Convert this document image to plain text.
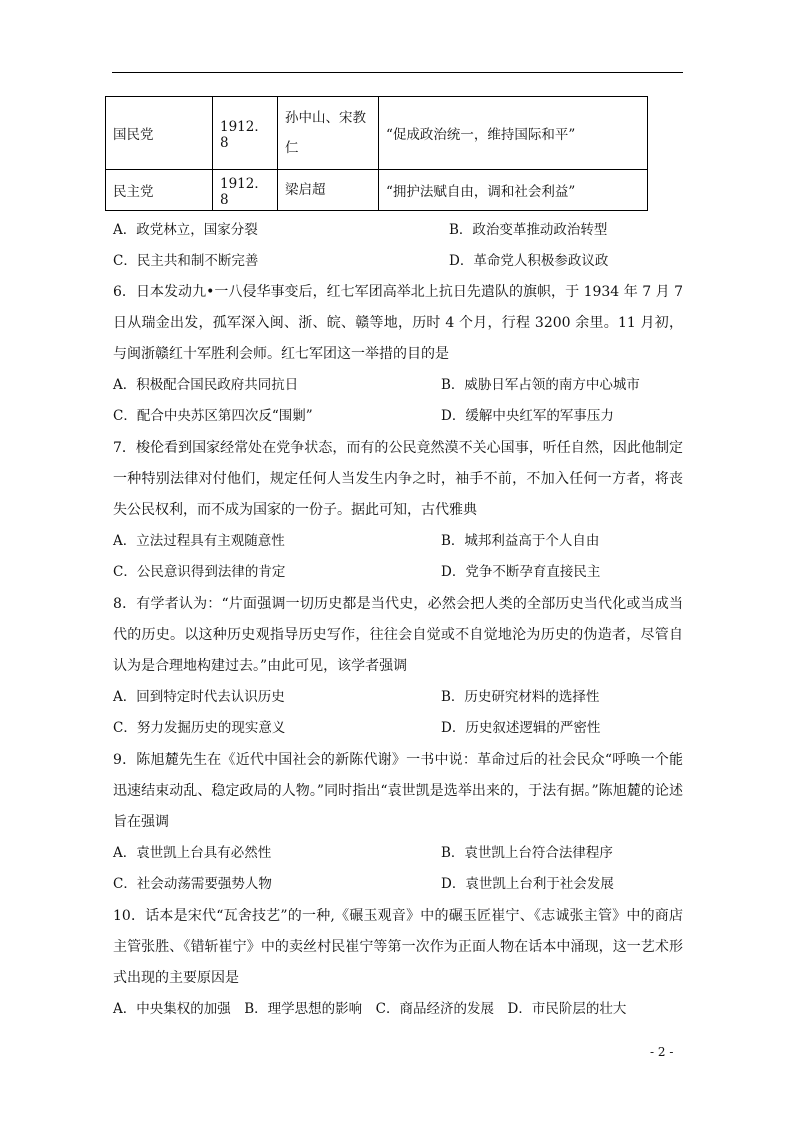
国民党	1912．8	孙中山、宋教仁	“促成政治统一，维持国际和平”
民主党	1912．8	梁启超	“拥护法赋自由，调和社会利益”
A．政党林立，国家分裂	B．政治变革推动政治转型
C．民主共和制不断完善	D．革命党人积极参政议政
6．日本发动九•一八侵华事变后，红七军团高举北上抗日先遣队的旗帜，于 1934 年 7 月 7 日从瑞金出发，孤军深入闽、浙、皖、赣等地，历时 4 个月，行程 3200 余里。11 月初，与闽浙赣红十军胜利会师。红七军团这一举措的目的是
A．积极配合国民政府共同抗日	B．威胁日军占领的南方中心城市
C．配合中央苏区第四次反“围剿”	D．缓解中央红军的军事压力
7．梭伦看到国家经常处在党争状态，而有的公民竟然漠不关心国事，听任自然，因此他制定一种特别法律对付他们，规定任何人当发生内争之时，袖手不前，不加入任何一方者，将丧失公民权利，而不成为国家的一份子。据此可知，古代雅典
A．立法过程具有主观随意性	B．城邦利益高于个人自由
C．公民意识得到法律的肯定	D．党争不断孕育直接民主
8．有学者认为：“片面强调一切历史都是当代史，必然会把人类的全部历史当代化或当成当代的历史。以这种历史观指导历史写作，往往会自觉或不自觉地沦为历史的伪造者，尽管自认为是合理地构建过去。”由此可见，该学者强调
A．回到特定时代去认识历史	B．历史研究材料的选择性
C．努力发掘历史的现实意义	D．历史叙述逻辑的严密性
9．陈旭麓先生在《近代中国社会的新陈代谢》一书中说：革命过后的社会民众“呼唤一个能迅速结束动乱、稳定政局的人物。”同时指出“袁世凯是选举出来的，于法有据。”陈旭麓的论述旨在强调
A．袁世凯上台具有必然性	B．袁世凯上台符合法律程序
C．社会动荡需要强势人物	D．袁世凯上台利于社会发展
10．话本是宋代“瓦舍技艺”的一种,《碾玉观音》中的碾玉匠崔宁、《志诚张主管》中的商店主管张胜、《错斩崔宁》中的卖丝村民崔宁等第一次作为正面人物在话本中涌现，这一艺术形式出现的主要原因是
A．中央集权的加强　B．理学思想的影响　C．商品经济的发展　D．市民阶层的壮大
- 2 -
